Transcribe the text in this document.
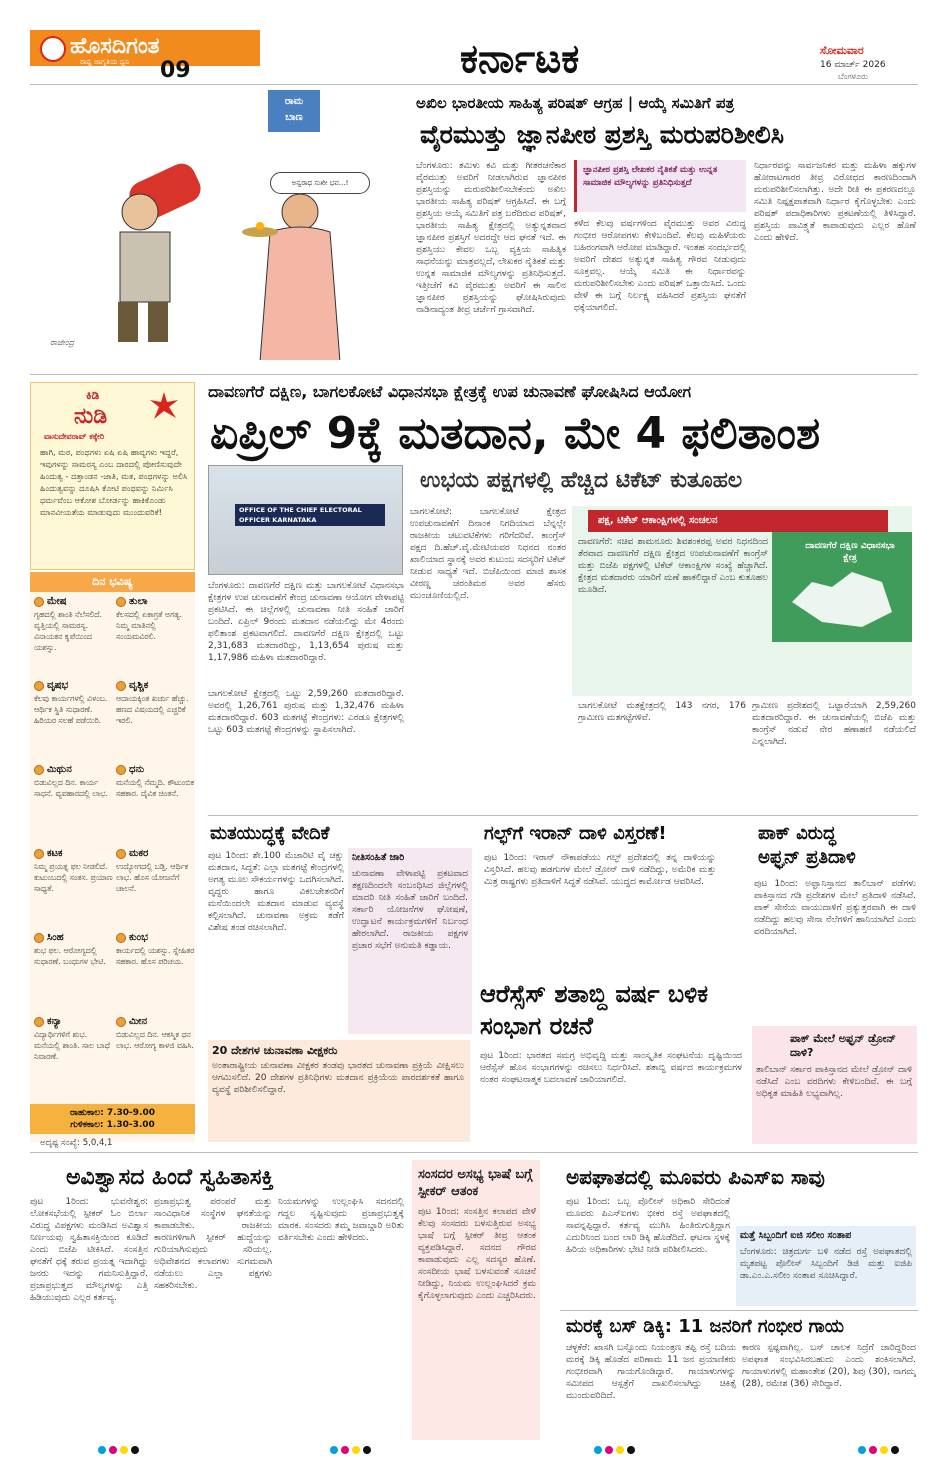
ಹೊಸದಿಗಂತ
ರಾಷ್ಟ್ರ ಜಾಗೃತಿಯ ಧ್ವನಿ 09	ಕರ್ನಾಟಕ	ಸೋಮವಾರ
16 ಮಾರ್ಚ್ 2026
ಬೆಂಗಳೂರು
ರಾಮ
ಬಾಣ
ಅನ್ವರಾಧ ಸುಖೀ ಭವ...!
ರಾಜೇಂದ್ರ
ಅಖಿಲ ಭಾರತೀಯ ಸಾಹಿತ್ಯ ಪರಿಷತ್ ಆಗ್ರಹ | ಆಯ್ಕೆ ಸಮಿತಿಗೆ ಪತ್ರ
ವೈರಮುತ್ತು ಜ್ಞಾನಪೀಠ ಪ್ರಶಸ್ತಿ ಮರುಪರಿಶೀಲಿಸಿ
ಬೆಂಗಳೂರು: ತಮಿಳು ಕವಿ ಮತ್ತು ಗೀತರಚನೆಕಾರ ವೈರಮುತ್ತು ಅವರಿಗೆ ನೀಡಲಾಗಿರುವ ಜ್ಞಾನಪೀಠ ಪ್ರಶಸ್ತಿಯನ್ನು ಮರುಪರಿಶೀಲಿಸಬೇಕೆಂದು ಅಖಿಲ ಭಾರತೀಯ ಸಾಹಿತ್ಯ ಪರಿಷತ್ ಆಗ್ರಹಿಸಿದೆ. ಈ ಬಗ್ಗೆ ಪ್ರಶಸ್ತಿಯ ಆಯ್ಕೆ ಸಮಿತಿಗೆ ಪತ್ರ ಬರೆದಿರುವ ಪರಿಷತ್, ಭಾರತೀಯ ಸಾಹಿತ್ಯ ಕ್ಷೇತ್ರದಲ್ಲಿ ಅತ್ಯುನ್ನತವಾದ ಜ್ಞಾನಪೀಠ ಪ್ರಶಸ್ತಿಗೆ ಅದರದ್ದೇ ಆದ ಘನತೆ ಇದೆ. ಈ ಪ್ರಶಸ್ತಿಯು ಕೇವಲ ಒಬ್ಬ ವ್ಯಕ್ತಿಯ ಸಾಹಿತ್ಯಿಕ ಸಾಧನೆಯನ್ನು ಮಾತ್ರವಲ್ಲದೆ, ಲೇಖಕರ ನೈತಿಕತೆ ಮತ್ತು ಉನ್ನತ ಸಾಮಾಜಿಕ ಮೌಲ್ಯಗಳನ್ನು ಪ್ರತಿನಿಧಿಸುತ್ತದೆ. ಇತ್ತೀಚೆಗೆ ಕವಿ ವೈರಮುತ್ತು ಅವರಿಗೆ ಈ ಸಾಲಿನ ಜ್ಞಾನಪೀಠ ಪ್ರಶಸ್ತಿಯನ್ನು ಘೋಷಿಸಿರುವುದು ನಾಡಿನಾದ್ಯಂತ ತೀವ್ರ ಚರ್ಚೆಗೆ ಗ್ರಾಸವಾಗಿದೆ.
ಜ್ಞಾನಪೀಠ ಪ್ರಶಸ್ತಿ ಲೇಖಕರ ನೈತಿಕತೆ ಮತ್ತು ಉನ್ನತ ಸಾಮಾಜಿಕ ಮೌಲ್ಯಗಳನ್ನು ಪ್ರತಿನಿಧಿಸುತ್ತದೆ
ಕಳೆದ ಕೆಲವು ವರ್ಷಗಳಿಂದ ವೈರಮುತ್ತು ಅವರ ವಿರುದ್ಧ ಗಂಭೀರ ಆರೋಪಗಳು ಕೇಳಿಬಂದಿವೆ. ಕೆಲವು ಮಹಿಳೆಯರು ಬಹಿರಂಗವಾಗಿ ಆರೋಪ ಮಾಡಿದ್ದಾರೆ. ಇಂತಹ ಸಂದರ್ಭದಲ್ಲಿ ಅವರಿಗೆ ದೇಶದ ಅತ್ಯುನ್ನತ ಸಾಹಿತ್ಯ ಗೌರವ ನೀಡುವುದು ಸೂಕ್ತವಲ್ಲ. ಆಯ್ಕೆ ಸಮಿತಿ ಈ ನಿರ್ಧಾರವನ್ನು ಮರುಪರಿಶೀಲಿಸಬೇಕು ಎಂದು ಪರಿಷತ್ ಒತ್ತಾಯಿಸಿದೆ. ಒಂದು ವೇಳೆ ಈ ಬಗ್ಗೆ ನಿರ್ಲಕ್ಷ್ಯ ವಹಿಸಿದರೆ ಪ್ರಶಸ್ತಿಯ ಘನತೆಗೆ ಧಕ್ಕೆಯಾಗಲಿದೆ.
ನಿರ್ಧಾರವನ್ನು ಸಾರ್ವಜನಿಕರ ಮತ್ತು ಮಹಿಳಾ ಹಕ್ಕುಗಳ ಹೋರಾಟಗಾರರ ತೀವ್ರ ವಿರೋಧದ ಕಾರಣದಿಂದಾಗಿ ಮರುಪರಿಶೀಲಿಸಲಾಗಿತ್ತು. ಅದೇ ರೀತಿ ಈ ಪ್ರಕರಣದಲ್ಲೂ ಸಮಿತಿ ನಿಷ್ಪಕ್ಷಪಾತವಾಗಿ ನಿರ್ಧಾರ ಕೈಗೊಳ್ಳಬೇಕು ಎಂದು ಪರಿಷತ್ ಪದಾಧಿಕಾರಿಗಳು ಪ್ರಕಟಣೆಯಲ್ಲಿ ತಿಳಿಸಿದ್ದಾರೆ. ಪ್ರಶಸ್ತಿಯ ಪಾವಿತ್ರ್ಯತೆ ಕಾಪಾಡುವುದು ಎಲ್ಲರ ಹೊಣೆ ಎಂದು ಹೇಳಿದೆ.
ಕಿಡಿ
ನುಡಿ
ವಾಸುದೇವರಾವ್ ಕಕ್ಕೇರಿ
ಹಾಗಿ, ಮಠ, ಪಂಥಗಳು ಏಷಿ ಏಷಿ ಹಾವ್ಯಗಳು ಇದ್ದರೆ, ಇವುಗಳನ್ನು ಸಾಮರಸ್ಯ ಎಂಬ ದಾರದಲ್ಲಿ ಪೋಣಿಸುವುದೇ ಹಿಂದುತ್ವ - ದತ್ತಾಂಡನ -ಜಾತಿ, ಮತ, ಪಂಥಗಳನ್ನು ಅಲಿಸಿ ಹಿಂದುತ್ವವನ್ನು ದೂಷಿಸಿ ಕೋಟಿ ಪಂಥವನ್ನು ನಿರ್ಮಿಸಿ ಧರ್ಮವೆಂಬ ಆಕೋಶ ಬೋರ್ಡನ್ನು ಹಾಕಿಕೊಂಡು ಮಾನವೀಯತೆಯ ಮಾಡುವುದು ಮುಂದುವರಿಕೆ!
ದಿನ ಭವಿಷ್ಯ
ಮೇಷ
ಗೃಹದಲ್ಲಿ ಶಾಂತಿ ನೆಲೆಸಲಿದೆ. ವೃತ್ತಿಯಲ್ಲಿ ಸಾಮರಸ್ಯ. ವಿನಾಯಕನ ಕೃಪೆಯಿಂದ ಯಶಸ್ಸು.
ತುಲಾ
ಕೆಲಸದಲ್ಲಿ ಏಕಾಗ್ರತೆ ಅಗತ್ಯ. ನಿಮ್ಮ ಮಾತಿನಲ್ಲಿ ಸಂಯಮವಿರಲಿ.
ವೃಷಭ
ಕೆಲವು ಕಾರ್ಯಗಳಲ್ಲಿ ವಿಳಂಬ. ಆರ್ಥಿಕ ಸ್ಥಿತಿ ಸುಧಾರಣೆ. ಹಿರಿಯರ ಸಲಹೆ ಪಡೆಯಿರಿ.
ವೃಶ್ಚಿಕ
ಆದಾಯಕ್ಕಿಂತ ಖರ್ಚು ಹೆಚ್ಚು. ಹಣದ ವಿಷಯದಲ್ಲಿ ಎಚ್ಚರಿಕೆ ಇರಲಿ.
ಮಿಥುನ
ಬಿಡುವಿಲ್ಲದ ದಿನ. ಕಾರ್ಯ ಸಾಧನೆ. ವ್ಯವಹಾರದಲ್ಲಿ ಲಾಭ.
ಧನು
ಮನೆಯಲ್ಲಿ ನೆಮ್ಮದಿ. ಕೌಟುಂಬಿಕ ಸಹಕಾರ. ದೈವಿಕ ಚಿಂತನೆ.
ಕಟಕ
ನಿಮ್ಮ ಪ್ರಯತ್ನ ಫಲ ನೀಡಲಿದೆ. ಕುಟುಂಬದಲ್ಲಿ ಸಂತಸ. ಪ್ರಯಾಣ ಸಾಧ್ಯತೆ.
ಮಕರ
ಉದ್ಯೋಗದಲ್ಲಿ ಬಡ್ತಿ. ಆರ್ಥಿಕ ಲಾಭ. ಹೊಸ ಯೋಜನೆಗೆ ಚಾಲನೆ.
ಸಿಂಹ
ಶುಭ ಫಲ. ಆರೋಗ್ಯದಲ್ಲಿ ಸುಧಾರಣೆ. ಬಂಧುಗಳ ಭೇಟಿ.
ಕುಂಭ
ಕಾರ್ಯದಲ್ಲಿ ಯಶಸ್ಸು. ಸ್ನೇಹಿತರ ಸಹಕಾರ. ಹೊಸ ಪರಿಚಯ.
ಕನ್ಯಾ
ವಿದ್ಯಾರ್ಥಿಗಳಿಗೆ ಶುಭ. ಮನೆಯಲ್ಲಿ ಶಾಂತಿ. ಸಾಲ ಬಾಧೆ ನಿವಾರಣೆ.
ಮೀನ
ಬಿಡುವಿಲ್ಲದ ದಿನ. ಆಕಸ್ಮಿಕ ಧನ ಲಾಭ. ಆರೋಗ್ಯ ಕಾಳಜಿ ವಹಿಸಿ.
ರಾಹುಕಾಲ: 7.30-9.00
ಗುಳಿಕಕಾಲ: 1.30-3.00
ಅದೃಷ್ಟ ಸಂಖ್ಯೆ: 5,0,4,1
ದಾವಣಗೆರೆ ದಕ್ಷಿಣ, ಬಾಗಲಕೋಟೆ ವಿಧಾನಸಭಾ ಕ್ಷೇತ್ರಕ್ಕೆ ಉಪ ಚುನಾವಣೆ ಘೋಷಿಸಿದ ಆಯೋಗ
ಏಪ್ರಿಲ್ 9ಕ್ಕೆ ಮತದಾನ, ಮೇ 4 ಫಲಿತಾಂಶ
OFFICE OF THE CHIEF ELECTORAL OFFICER KARNATAKA
ಉಭಯ ಪಕ್ಷಗಳಲ್ಲಿ ಹೆಚ್ಚಿದ ಟಿಕೆಟ್ ಕುತೂಹಲ
ಬೆಂಗಳೂರು: ದಾವಣಗೆರೆ ದಕ್ಷಿಣ ಮತ್ತು ಬಾಗಲಕೋಟೆ ವಿಧಾನಸಭಾ ಕ್ಷೇತ್ರಗಳ ಉಪ ಚುನಾವಣೆಗೆ ಕೇಂದ್ರ ಚುನಾವಣಾ ಆಯೋಗ ವೇಳಾಪಟ್ಟಿ ಪ್ರಕಟಿಸಿದೆ. ಈ ಚಿಲ್ಲೆಗಳಲ್ಲಿ ಚುನಾವಣಾ ನೀತಿ ಸಂಹಿತೆ ಜಾರಿಗೆ ಬಂದಿದೆ. ಏಪ್ರಿಲ್ 9ರಂದು ಮತದಾನ ನಡೆಯಲಿದ್ದು ಮೇ 4ರಂದು ಫಲಿತಾಂಶ ಪ್ರಕಟವಾಗಲಿದೆ. ದಾವಣಗೆರೆ ದಕ್ಷಿಣ ಕ್ಷೇತ್ರದಲ್ಲಿ ಒಟ್ಟು 2,31,683 ಮತದಾರರಿದ್ದು, 1,13,654 ಪುರುಷ ಮತ್ತು 1,17,986 ಮಹಿಳಾ ಮತದಾರರಿದ್ದಾರೆ.
ಬಾಗಲಕೋಟೆ ಕ್ಷೇತ್ರದಲ್ಲಿ ಒಟ್ಟು 2,59,260 ಮತದಾರರಿದ್ದಾರೆ. ಅವರಲ್ಲಿ 1,26,761 ಪುರುಷ ಮತ್ತು 1,32,476 ಮಹಿಳಾ ಮತದಾರರಿದ್ದಾರೆ. 603 ಮತಗಟ್ಟೆ ಕೇಂದ್ರಗಳು: ಎರಡೂ ಕ್ಷೇತ್ರಗಳಲ್ಲಿ ಒಟ್ಟು 603 ಮತಗಟ್ಟೆ ಕೇಂದ್ರಗಳನ್ನು ಸ್ಥಾಪಿಸಲಾಗಿದೆ.
ಬಾಗಲಕೋಟೆ: ಬಾಗಲಕೋಟೆ ಕ್ಷೇತ್ರದ ಉಪಚುನಾವಣೆಗೆ ದಿನಾಂಕ ನಿಗದಿಯಾದ ಬೆನ್ನಲ್ಲೇ ರಾಜಕೀಯ ಚಟುವಟಿಕೆಗಳು ಗರಿಗೆದರಿವೆ. ಕಾಂಗ್ರೆಸ್ ಪಕ್ಷದ ದಿ.ಹೆಚ್.ವೈ.ಮೇಟಿಯವರ ನಿಧನದ ನಂತರ ಖಾಲಿಯಾದ ಸ್ಥಾನಕ್ಕೆ ಅವರ ಕುಟುಂಬ ಸದಸ್ಯರಿಗೆ ಟಿಕೆಟ್ ನೀಡುವ ಸಾಧ್ಯತೆ ಇದೆ. ಬಿಜೆಪಿಯಿಂದ ಮಾಜಿ ಶಾಸಕ ವೀರಣ್ಣ ಚರಂತಿಮಠ ಅವರ ಹೆಸರು ಮುಂಚೂಣಿಯಲ್ಲಿದೆ.
ಪಕ್ಷ, ಟಿಕೆಟ್ ಆಕಾಂಕ್ಷಿಗಳಲ್ಲಿ ಸಂಚಲನ
ದಾವಣಗೆರೆ ದಕ್ಷಿಣ ವಿಧಾನಸಭಾ ಕ್ಷೇತ್ರ
ದಾವಣಗೆರೆ: ಸಚಿವ ಶಾಮನೂರು ಶಿವಶಂಕರಪ್ಪ ಅವರ ನಿಧನದಿಂದ ತೆರವಾದ ದಾವಣಗೆರೆ ದಕ್ಷಿಣ ಕ್ಷೇತ್ರದ ಉಪಚುನಾವಣೆಗೆ ಕಾಂಗ್ರೆಸ್ ಮತ್ತು ಬಿಜೆಪಿ ಪಕ್ಷಗಳಲ್ಲಿ ಟಿಕೆಟ್ ಆಕಾಂಕ್ಷಿಗಳ ಸಂಖ್ಯೆ ಹೆಚ್ಚಾಗಿದೆ. ಕ್ಷೇತ್ರದ ಮತದಾರರು ಯಾರಿಗೆ ಮಣೆ ಹಾಕಲಿದ್ದಾರೆ ಎಂಬ ಕುತೂಹಲ ಮೂಡಿದೆ.
ಬಾಗಲಕೋಟೆ ಮತಕ್ಷೇತ್ರದಲ್ಲಿ 143 ನಗರ, 176 ಗ್ರಾಮೀಣ ಮತಗಟ್ಟೆಗಳಿವೆ.
ಗ್ರಾಮೀಣ ಪ್ರದೇಶದಲ್ಲಿ ಒಟ್ಟಾರೆಯಾಗಿ 2,59,260 ಮತದಾರರಿದ್ದಾರೆ. ಈ ಚುನಾವಣೆಯಲ್ಲಿ ಬಿಜೆಪಿ ಮತ್ತು ಕಾಂಗ್ರೆಸ್ ನಡುವೆ ನೇರ ಹಣಾಹಣಿ ನಡೆಯಲಿದೆ ಎನ್ನಲಾಗಿದೆ.
ಮತಯುದ್ಧಕ್ಕೆ ವೇದಿಕೆ
ಪುಟ 1ರಿಂದ: ಶೇ.100 ಮೆಜಾರಿಟಿ ವೈ ಚಕ್ಷು ಮತದಾನ, ಸಿದ್ಧತೆ: ಎಲ್ಲಾ ಮತಗಟ್ಟೆ ಕೇಂದ್ರಗಳಲ್ಲಿ ಅಗತ್ಯ ಮೂಲ ಸೌಕರ್ಯಗಳನ್ನು ಒದಗಿಸಲಾಗಿದೆ. ವೃದ್ಧರು ಹಾಗೂ ವಿಕಲಚೇತನರಿಗೆ ಮನೆಯಿಂದಲೇ ಮತದಾನ ಮಾಡುವ ವ್ಯವಸ್ಥೆ ಕಲ್ಪಿಸಲಾಗಿದೆ. ಚುನಾವಣಾ ಅಕ್ರಮ ತಡೆಗೆ ವಿಶೇಷ ತಂಡ ರಚಿಸಲಾಗಿದೆ.
ನೀತಿಸಂಹಿತೆ ಜಾರಿ
ಚುನಾವಣಾ ವೇಳಾಪಟ್ಟಿ ಪ್ರಕಟವಾದ ತಕ್ಷಣದಿಂದಲೇ ಸಂಬಂಧಿಸಿದ ಜಿಲ್ಲೆಗಳಲ್ಲಿ ಮಾದರಿ ನೀತಿ ಸಂಹಿತೆ ಜಾರಿಗೆ ಬಂದಿದೆ. ಸರ್ಕಾರಿ ಯೋಜನೆಗಳ ಘೋಷಣೆ, ಉದ್ಘಾಟನೆ ಕಾರ್ಯಕ್ರಮಗಳಿಗೆ ನಿರ್ಬಂಧ ಹೇರಲಾಗಿದೆ. ರಾಜಕೀಯ ಪಕ್ಷಗಳ ಪ್ರಚಾರ ಸಭೆಗೆ ಅನುಮತಿ ಕಡ್ಡಾಯ.
20 ದೇಶಗಳ ಚುನಾವಣಾ ವೀಕ್ಷಕರು
ಅಂತಾರಾಷ್ಟ್ರೀಯ ಚುನಾವಣಾ ವೀಕ್ಷಕರ ತಂಡವು ಭಾರತದ ಚುನಾವಣಾ ಪ್ರಕ್ರಿಯೆ ವೀಕ್ಷಿಸಲು ಆಗಮಿಸಲಿದೆ. 20 ದೇಶಗಳ ಪ್ರತಿನಿಧಿಗಳು ಮತದಾನ ಪ್ರಕ್ರಿಯೆಯ ಪಾರದರ್ಶಕತೆ ಹಾಗೂ ವ್ಯವಸ್ಥೆ ಪರಿಶೀಲಿಸಲಿದ್ದಾರೆ.
ಗಲ್ಫ್‌ಗೆ ಇರಾನ್ ದಾಳಿ ವಿಸ್ತರಣೆ!
ಪುಟ 1ರಿಂದ: ಇರಾನ್ ನೌಕಾಪಡೆಯು ಗಲ್ಫ್ ಪ್ರದೇಶದಲ್ಲಿ ತನ್ನ ದಾಳಿಯನ್ನು ವಿಸ್ತರಿಸಿದೆ. ಹಲವು ಹಡಗುಗಳ ಮೇಲೆ ಡ್ರೋನ್ ದಾಳಿ ನಡೆದಿದ್ದು, ಅಮೆರಿಕ ಮತ್ತು ಮಿತ್ರ ರಾಷ್ಟ್ರಗಳು ಪ್ರತಿದಾಳಿಗೆ ಸಿದ್ಧತೆ ನಡೆಸಿವೆ. ಯುದ್ಧದ ಕಾರ್ಮೋಡ ಆವರಿಸಿದೆ.
ಆರೆಸ್ಸೆಸ್ ಶತಾಬ್ದಿ ವರ್ಷ ಬಳಿಕ ಸಂಭಾಗ ರಚನೆ
ಪುಟ 1ರಿಂದ: ಭಾರತದ ಸಮಗ್ರ ಅಭಿವೃದ್ಧಿ ಮತ್ತು ಸಾಂಸ್ಕೃತಿಕ ಸಂಘಟನೆಯ ದೃಷ್ಟಿಯಿಂದ ಆರೆಸ್ಸೆಸ್ ಹೊಸ ಸಂಭಾಗಗಳನ್ನು ರಚಿಸಲು ನಿರ್ಧರಿಸಿದೆ. ಶತಾಬ್ದಿ ವರ್ಷದ ಕಾರ್ಯಕ್ರಮಗಳ ನಂತರ ಸಂಘಟನಾತ್ಮಕ ಬದಲಾವಣೆ ಜಾರಿಯಾಗಲಿದೆ.
ಪಾಕ್ ವಿರುದ್ಧ
ಅಫ್ಘನ್ ಪ್ರತಿದಾಳಿ
ಪುಟ 1ರಿಂದ: ಅಫ್ಘಾನಿಸ್ತಾನದ ತಾಲಿಬಾನ್ ಪಡೆಗಳು ಪಾಕಿಸ್ತಾನದ ಗಡಿ ಪ್ರದೇಶಗಳ ಮೇಲೆ ಪ್ರತಿದಾಳಿ ನಡೆಸಿವೆ. ಪಾಕ್ ಸೇನೆಯ ವಾಯುದಾಳಿಗೆ ಪ್ರತ್ಯುತ್ತರವಾಗಿ ಈ ದಾಳಿ ನಡೆದಿದ್ದು ಹಲವು ಸೇನಾ ನೆಲೆಗಳಿಗೆ ಹಾನಿಯಾಗಿದೆ ಎಂದು ವರದಿಯಾಗಿದೆ.
ಪಾಕ್ ಮೇಲೆ ಅಫ್ಘನ್ ಡ್ರೋನ್ ದಾಳಿ?
ತಾಲಿಬಾನ್ ಸರ್ಕಾರ ಪಾಕಿಸ್ತಾನದ ಮೇಲೆ ಡ್ರೋನ್ ದಾಳಿ ನಡೆಸಿದೆ ಎಂಬ ವರದಿಗಳು ಕೇಳಿಬಂದಿವೆ. ಈ ಬಗ್ಗೆ ಅಧಿಕೃತ ಮಾಹಿತಿ ಲಭ್ಯವಾಗಿಲ್ಲ.
ಅವಿಶ್ವಾಸದ ಹಿಂದೆ ಸ್ವಹಿತಾಸಕ್ತಿ
ಪುಟ 1ರಿಂದ: ಭುವನೇಶ್ವರ: ಲೋಕಸಭೆಯಲ್ಲಿ ಸ್ಪೀಕರ್ ಓಂ ಬಿರ್ಲಾ ವಿರುದ್ಧ ವಿಪಕ್ಷಗಳು ಮಂಡಿಸಿದ ಅವಿಶ್ವಾಸ ನಿರ್ಣಯವು ಸ್ವಹಿತಾಸಕ್ತಿಯಿಂದ ಕೂಡಿದೆ ಎಂದು ಬಿಜೆಪಿ ಟೀಕಿಸಿದೆ. ಸಂಸತ್ತಿನ ಘನತೆಗೆ ಧಕ್ಕೆ ತರುವ ಪ್ರಯತ್ನ ಇದಾಗಿದ್ದು ಜನರು ಇದನ್ನು ಗಮನಿಸುತ್ತಿದ್ದಾರೆ. ಪ್ರಜಾಪ್ರಭುತ್ವದ ಮೌಲ್ಯಗಳನ್ನು ಎತ್ತಿ ಹಿಡಿಯುವುದು ಎಲ್ಲರ ಕರ್ತವ್ಯ.
ಪ್ರಜಾಪ್ರಭುತ್ವ ಪರಂಪರೆ ಮತ್ತು ಸಾಂವಿಧಾನಿಕ ಸಂಸ್ಥೆಗಳ ಘನತೆಯನ್ನು ಕಾಪಾಡಬೇಕು. ರಾಜಕೀಯ ಕಾರಣಗಳಿಗಾಗಿ ಸ್ಪೀಕರ್ ಹುದ್ದೆಯನ್ನು ಗುರಿಯಾಗಿಸುವುದು ಸರಿಯಲ್ಲ. ಅಧಿವೇಶನದ ಕಲಾಪಗಳು ಸುಗಮವಾಗಿ ನಡೆಯಲು ಎಲ್ಲಾ ಪಕ್ಷಗಳು ಸಹಕರಿಸಬೇಕು.
ನಿಯಮಗಳನ್ನು ಉಲ್ಲಂಘಿಸಿ ಸದನದಲ್ಲಿ ಗದ್ದಲ ಸೃಷ್ಟಿಸುವುದು ಪ್ರಜಾಪ್ರಭುತ್ವಕ್ಕೆ ಮಾರಕ. ಸಂಸದರು ತಮ್ಮ ಜವಾಬ್ದಾರಿ ಅರಿತು ವರ್ತಿಸಬೇಕು ಎಂದು ಹೇಳಿದರು.
ಸಂಸದರ ಅಸಭ್ಯ ಭಾಷೆ ಬಗ್ಗೆ ಸ್ಪೀಕರ್ ಆತಂಕ
ಪುಟ 1ರಿಂದ: ಸಂಸತ್ತಿನ ಕಲಾಪದ ವೇಳೆ ಕೆಲವು ಸಂಸದರು ಬಳಸುತ್ತಿರುವ ಅಸಭ್ಯ ಭಾಷೆ ಬಗ್ಗೆ ಸ್ಪೀಕರ್ ತೀವ್ರ ಆತಂಕ ವ್ಯಕ್ತಪಡಿಸಿದ್ದಾರೆ. ಸದನದ ಗೌರವ ಕಾಪಾಡುವುದು ಎಲ್ಲ ಸದಸ್ಯರ ಹೊಣೆ. ಸಂಸದೀಯ ಭಾಷೆ ಬಳಸುವಂತೆ ಸೂಚನೆ ನೀಡಿದ್ದು, ನಿಯಮ ಉಲ್ಲಂಘಿಸಿದರೆ ಕ್ರಮ ಕೈಗೊಳ್ಳಲಾಗುವುದು ಎಂದು ಎಚ್ಚರಿಸಿದರು.
ಅಪಘಾತದಲ್ಲಿ ಮೂವರು ಪಿಎಸ್‌ಐ ಸಾವು
ಪುಟ 1ರಿಂದ: ಒಬ್ಬ ಪೊಲೀಸ್ ಅಧಿಕಾರಿ ಸೇರಿದಂತೆ ಮೂವರು ಪಿಎಸ್‌ಐಗಳು ಭೀಕರ ರಸ್ತೆ ಅಪಘಾತದಲ್ಲಿ ಸಾವನ್ನಪ್ಪಿದ್ದಾರೆ. ಕರ್ತವ್ಯ ಮುಗಿಸಿ ಹಿಂತಿರುಗುತ್ತಿದ್ದಾಗ ಎದುರಿನಿಂದ ಬಂದ ಲಾರಿ ಡಿಕ್ಕಿ ಹೊಡೆದಿದೆ. ಘಟನಾ ಸ್ಥಳಕ್ಕೆ ಹಿರಿಯ ಅಧಿಕಾರಿಗಳು ಭೇಟಿ ನೀಡಿ ಪರಿಶೀಲಿಸಿದರು.
ಮತ್ತೆ ಸಿಬ್ಬಂದಿಗೆ ಐಜಿ ಸಲೀಂ ಸಂತಾಪ
ಬೆಂಗಳೂರು: ಚಿತ್ರದುರ್ಗ ಬಳಿ ನಡೆದ ರಸ್ತೆ ಅಪಘಾತದಲ್ಲಿ ಮೃತಪಟ್ಟ ಪೊಲೀಸ್ ಸಿಬ್ಬಂದಿಗೆ ಡಿಜಿ ಮತ್ತು ಐಜಿಪಿ ಡಾ.ಎಂ.ಎ.ಸಲೀಂ ಸಂತಾಪ ಸೂಚಿಸಿದ್ದಾರೆ.
ಮರಕ್ಕೆ ಬಸ್ ಡಿಕ್ಕಿ: 11 ಜನರಿಗೆ ಗಂಭೀರ ಗಾಯ
ಚಳ್ಳಕೆರೆ: ಖಾಸಗಿ ಬಸ್ಸೊಂದು ನಿಯಂತ್ರಣ ತಪ್ಪಿ ರಸ್ತೆ ಬದಿಯ ಮರಕ್ಕೆ ಡಿಕ್ಕಿ ಹೊಡೆದ ಪರಿಣಾಮ 11 ಜನ ಪ್ರಯಾಣಿಕರು ಗಂಭೀರವಾಗಿ ಗಾಯಗೊಂಡಿದ್ದಾರೆ. ಗಾಯಾಳುಗಳನ್ನು ಸಮೀಪದ ಆಸ್ಪತ್ರೆಗೆ ದಾಖಲಿಸಲಾಗಿದ್ದು ಚಿಕಿತ್ಸೆ ಮುಂದುವರಿದಿದೆ.
ಕಾರಣ ಸ್ಪಷ್ಟವಾಗಿಲ್ಲ. ಬಸ್ ಚಾಲಕ ನಿದ್ರೆಗೆ ಜಾರಿದ್ದರಿಂದ ಅಪಘಾತ ಸಂಭವಿಸಿರಬಹುದು ಎಂದು ಶಂಕಿಸಲಾಗಿದೆ. ಗಾಯಾಳುಗಳಲ್ಲಿ ಮಹಾಂತೇಶ (20), ಶಿವು (30), ನಾಗಮ್ಮ (28), ರಮೇಶ (36) ಸೇರಿದ್ದಾರೆ.
